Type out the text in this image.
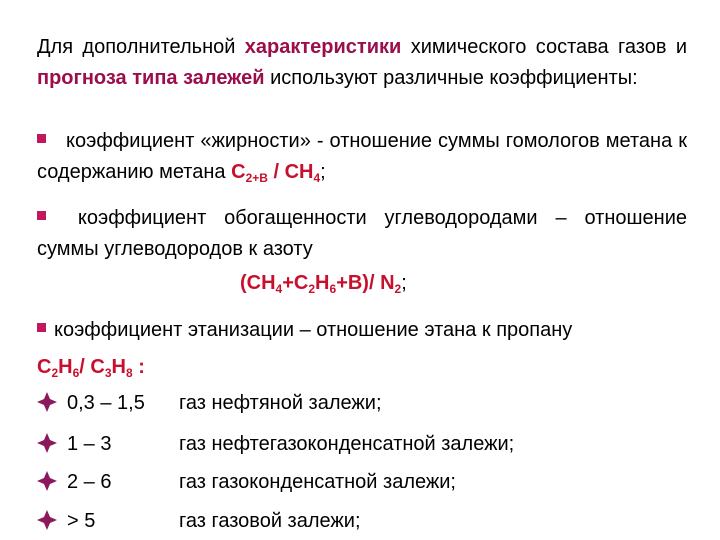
Для дополнительной характеристики химического состава газов и прогноза типа залежей используют различные коэффициенты:
коэффициент «жирности» - отношение суммы гомологов метана к содержанию метана $C_{2+B} / CH_4$;
коэффициент обогащенности углеводородами – отношение суммы углеводородов к азоту
$(CH_4+C_2H_6+B)/$ $N_2$;
коэффициент этанизации – отношение этана к пропану
$C_2H_6/$ $C_3H_8$ :
0,3 – 1,5 газ нефтяной залежи;
1 – 3	газ нефтегазоконденсатной залежи;
2 – 6	газ газоконденсатной залежи;
> 5	газ газовой залежи;
